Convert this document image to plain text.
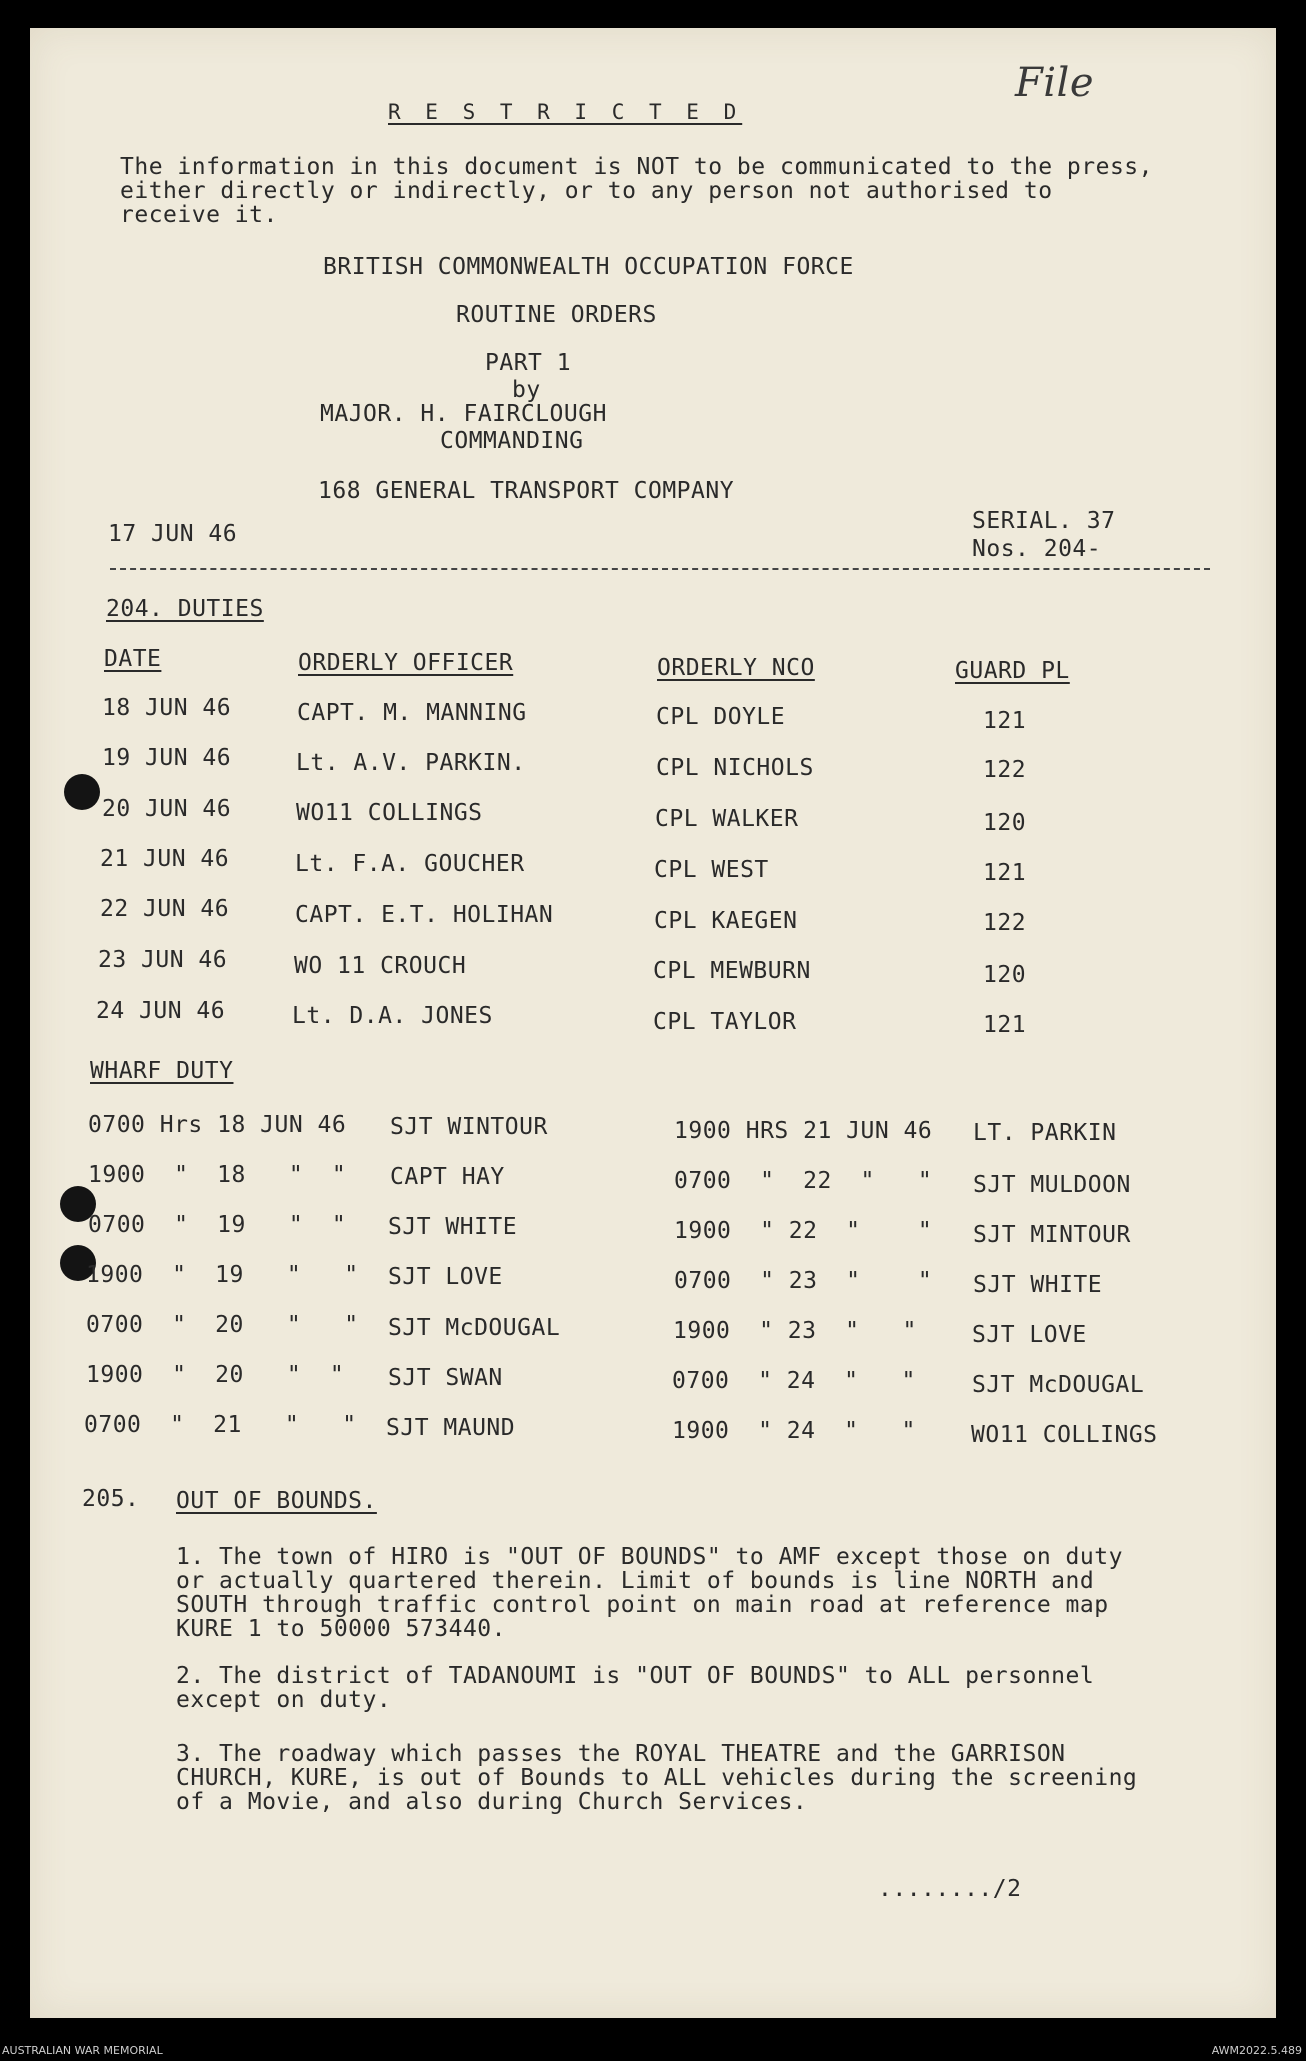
File
R E S T R I C T E D
The information in this document is NOT to be communicated to the press, either directly or indirectly, or to any person not authorised to receive it.
BRITISH COMMONWEALTH OCCUPATION FORCE
ROUTINE ORDERS
PART 1
by
MAJOR. H. FAIRCLOUGH
COMMANDING
168 GENERAL TRANSPORT COMPANY
17 JUN 46	SERIAL. 37
Nos. 204-
204. DUTIES
DATE	ORDERLY OFFICER	ORDERLY NCO	GUARD PL
18 JUN 46	CAPT. M. MANNING	CPL DOYLE	121
19 JUN 46	Lt. A.V. PARKIN.	CPL NICHOLS	122
20 JUN 46	WO11 COLLINGS	CPL WALKER	120
21 JUN 46	Lt. F.A. GOUCHER	CPL WEST	121
22 JUN 46	CAPT. E.T. HOLIHAN	CPL KAEGEN	122
23 JUN 46	WO 11 CROUCH	CPL MEWBURN	120
24 JUN 46	Lt. D.A. JONES	CPL TAYLOR	121
WHARF DUTY
0700 Hrs 18 JUN 46 SJT WINTOUR
1900  "  18   "  " CAPT HAY
0700  "  19   "  " SJT WHITE
1900  "  19   "   " SJT LOVE
0700  "  20   "   " SJT McDOUGAL
1900  "  20   "  " SJT SWAN
0700  "  21   "   " SJT MAUND
1900 HRS 21 JUN 46 LT. PARKIN
0700  "  22  "   " SJT MULDOON
1900  " 22  "    " SJT MINTOUR
0700  " 23  "    " SJT WHITE
1900  " 23  "   " SJT LOVE
0700  " 24  "   " SJT McDOUGAL
1900  " 24  "   " WO11 COLLINGS
205. OUT OF BOUNDS.
1. The town of HIRO is "OUT OF BOUNDS" to AMF except those on duty or actually quartered therein. Limit of bounds is line NORTH and SOUTH through traffic control point on main road at reference map KURE 1 to 50000 573440.
2. The district of TADANOUMI is "OUT OF BOUNDS" to ALL personnel except on duty.
3. The roadway which passes the ROYAL THEATRE and the GARRISON CHURCH, KURE, is out of Bounds to ALL vehicles during the screening of a Movie, and also during Church Services.
......../2
AUSTRALIAN WAR MEMORIAL	AWM2022.5.489
